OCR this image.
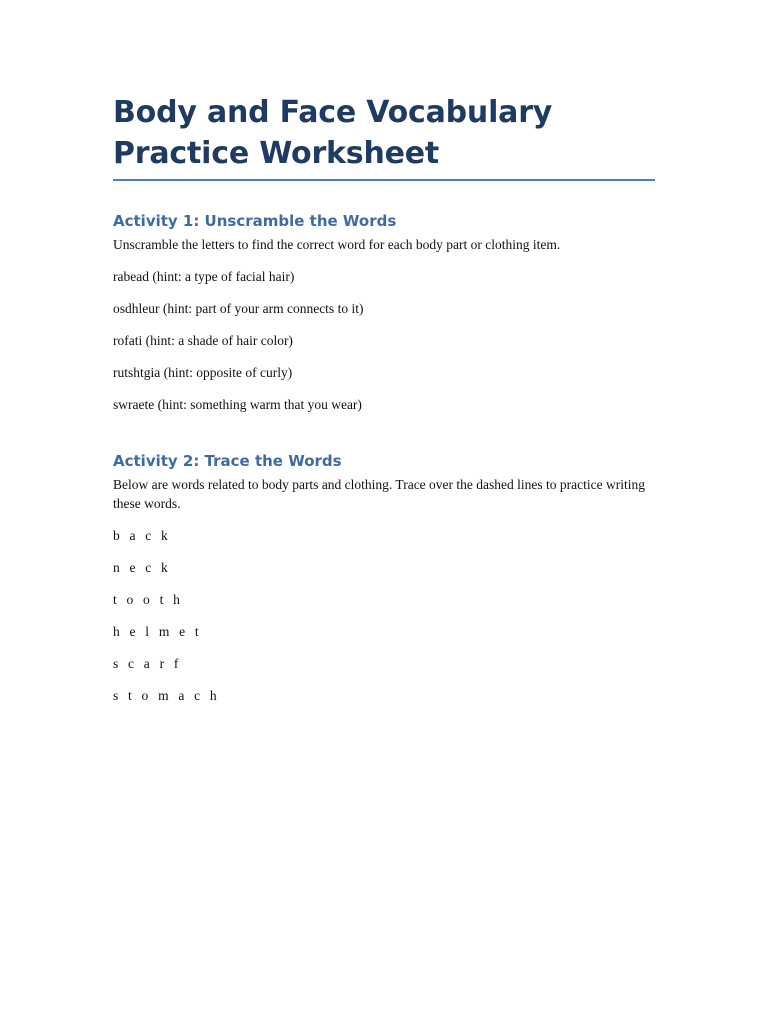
Body and Face Vocabulary Practice Worksheet
Activity 1: Unscramble the Words

Unscramble the letters to find the correct word for each body part or clothing item.

rabead (hint: a type of facial hair)

osdhleur (hint: part of your arm connects to it)

rofati (hint: a shade of hair color)

rutshtgia (hint: opposite of curly)

swraete (hint: something warm that you wear)

Activity 2: Trace the Words

Below are words related to body parts and clothing. Trace over the dashed lines to practice writing these words.

b a c k

n e c k

t o o t h

h e l m e t

s c a r f

s t o m a c h
